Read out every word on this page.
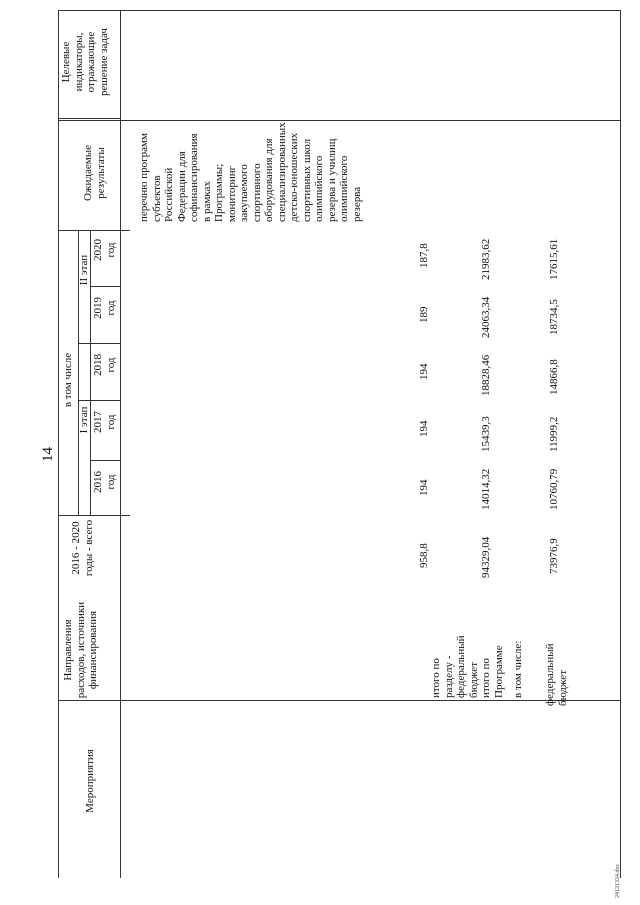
14
Мероприятия
Направления расходов, источники финансирования
2016 - 2020 годы - всего
в том числе
I этап
II этап
2016 год
2017 год
2018 год
2019 год
2020 год
Ожидаемые результаты
Целевые индикаторы, отражающие решение задач
перечню программ субъектов Российской Федерации для софинансирования в рамках Программы; мониторинг закупаемого спортивного оборудования для специализированных детско-юношеских спортивных школ олимпийского резерва и училищ олимпийского резерва
итого по разделу - федеральный бюджет
958,8
194
194
194
189
187,8
итого по Программе
94329,04
14014,32
15439,3
18828,46
24063,34
21983,62
в том числе: федеральный бюджет
73976,9
10760,79
11999,2
14866,8
18734,5
17615,61
24121334.doc
